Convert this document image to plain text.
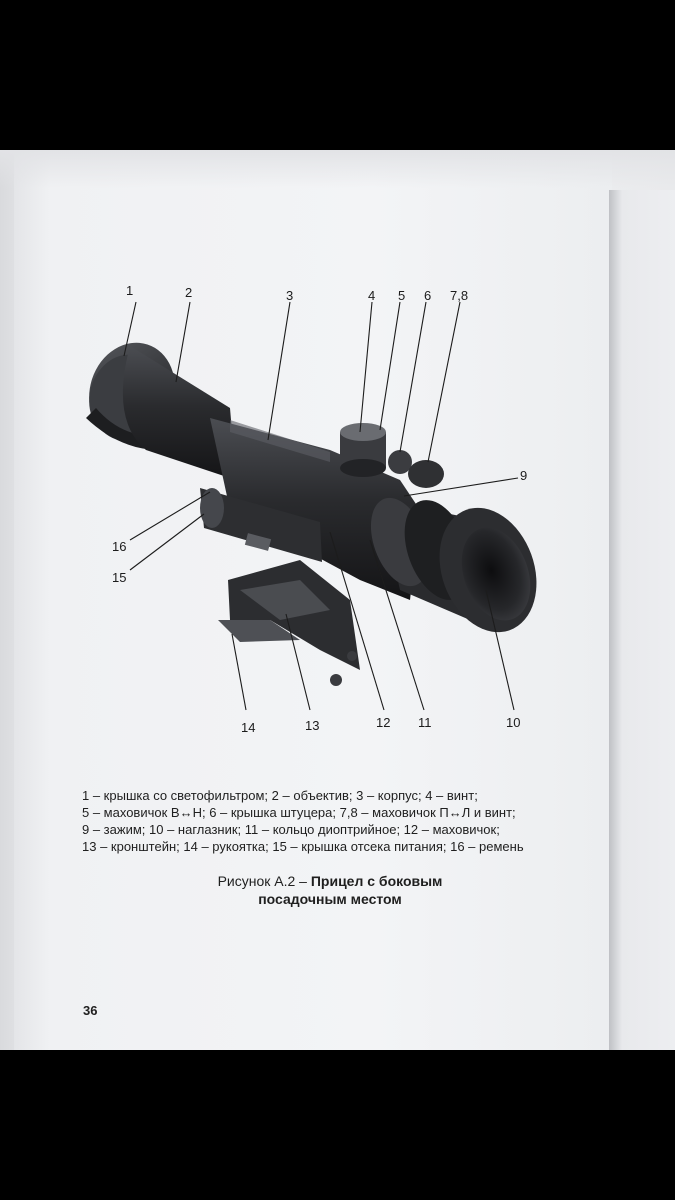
1	2	3	4 5 6 7,8
9
10
11
12
13
14
15
16
1 – крышка со светофильтром; 2 – объектив; 3 – корпус; 4 – винт;
5 – маховичок В↔Н; 6 – крышка штуцера; 7,8 – маховичок П↔Л и винт;
9 – зажим; 10 – наглазник; 11 – кольцо диоптрийное; 12 – маховичок;
13 – кронштейн; 14 – рукоятка; 15 – крышка отсека питания; 16 – ремень
Рисунок А.2 – Прицел с боковым
посадочным местом
36
